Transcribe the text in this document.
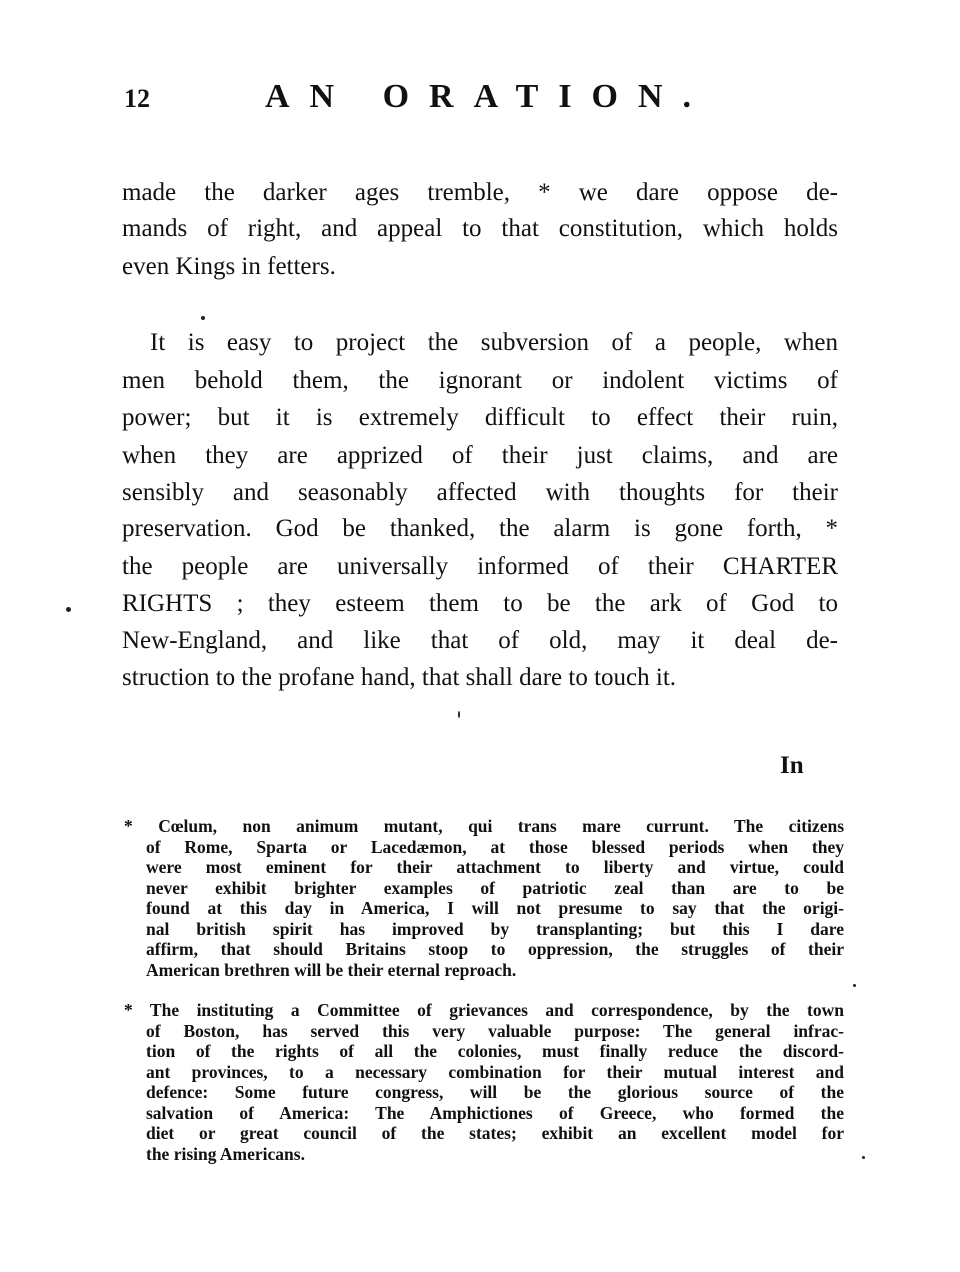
12	AN ORATION.
made the darker ages tremble, * we dare oppose de-
mands of right, and appeal to that constitution, which holds
even Kings in fetters.
It is easy to project the subversion of a people, when
men behold them, the ignorant or indolent victims of
power; but it is extremely difficult to effect their ruin,
when they are apprized of their just claims, and are
sensibly and seasonably affected with thoughts for their
preservation. God be thanked, the alarm is gone forth, *
the people are universally informed of their CHARTER
RIGHTS ; they esteem them to be the ark of God to
New-England, and like that of old, may it deal de-
struction to the profane hand, that shall dare to touch it.
In
* Cœlum, non animum mutant, qui trans mare currunt. The citizens
of Rome, Sparta or Lacedæmon, at those blessed periods when they
were most eminent for their attachment to liberty and virtue, could
never exhibit brighter examples of patriotic zeal than are to be
found at this day in America, I will not presume to say that the origi-
nal british spirit has improved by transplanting; but this I dare
affirm, that should Britains stoop to oppression, the struggles of their
American brethren will be their eternal reproach.
* The instituting a Committee of grievances and correspondence, by the town
of Boston, has served this very valuable purpose: The general infrac-
tion of the rights of all the colonies, must finally reduce the discord-
ant provinces, to a necessary combination for their mutual interest and
defence: Some future congress, will be the glorious source of the
salvation of America: The Amphictiones of Greece, who formed the
diet or great council of the states; exhibit an excellent model for
the rising Americans.
